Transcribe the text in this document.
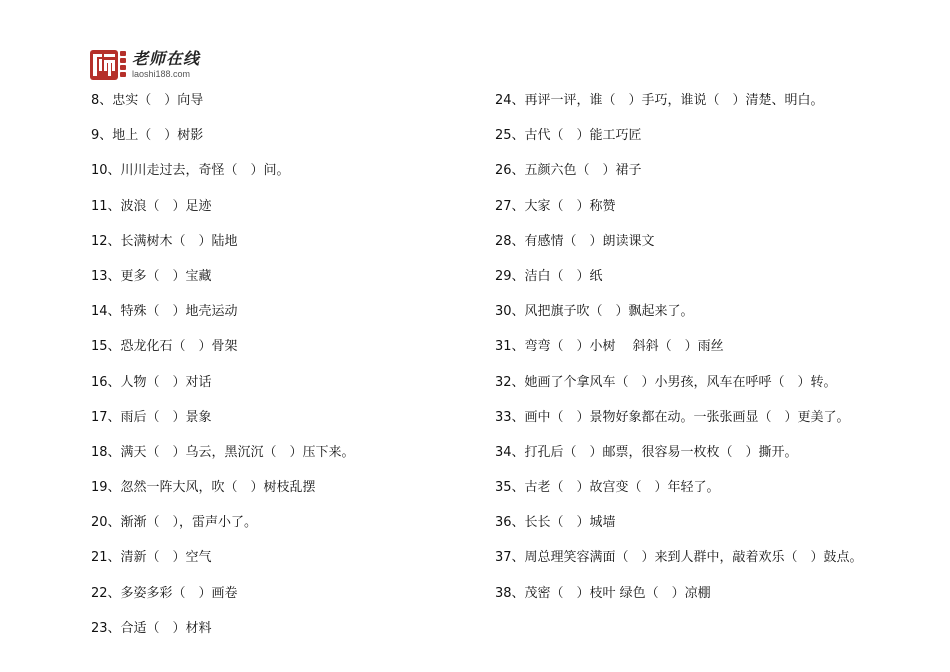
老师在线
laoshi188.com
8、忠实（　）向导
9、地上（　）树影
10、川川走过去，奇怪（　）问。
11、波浪（　）足迹
12、长满树木（　）陆地
13、更多（　）宝藏
14、特殊（　）地壳运动
15、恐龙化石（　）骨架
16、人物（　）对话
17、雨后（　）景象
18、满天（　）乌云，黑沉沉（　）压下来。
19、忽然一阵大风，吹（　）树枝乱摆
20、渐渐（　），雷声小了。
21、清新（　）空气
22、多姿多彩（　）画卷
23、合适（　）材料
24、再评一评，谁（　）手巧，谁说（　）清楚、明白。
25、古代（　）能工巧匠
26、五颜六色（　）裙子
27、大家（　）称赞
28、有感情（　）朗读课文
29、洁白（　）纸
30、风把旗子吹（　）飘起来了。
31、弯弯（　）小树　 斜斜（　）雨丝
32、她画了个拿风车（　）小男孩，风车在呼呼（　）转。
33、画中（　）景物好象都在动。一张张画显（　）更美了。
34、打孔后（　）邮票，很容易一枚枚（　）撕开。
35、古老（　）故宫变（　）年轻了。
36、长长（　）城墙
37、周总理笑容满面（　）来到人群中，敲着欢乐（　）鼓点。
38、茂密（　）枝叶 绿色（　）凉棚
